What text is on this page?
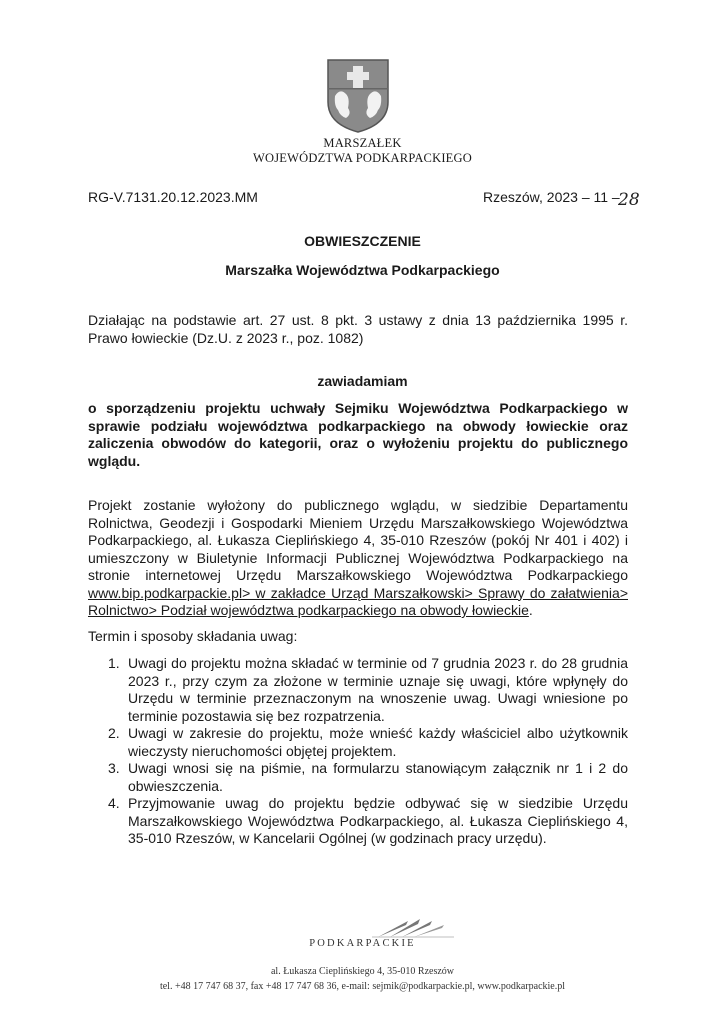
MARSZAŁEK
WOJEWÓDZTWA PODKARPACKIEGO
RG-V.7131.20.12.2023.MM	Rzeszów, 2023 – 11 –
28
OBWIESZCZENIE
Marszałka Województwa Podkarpackiego
Działając na podstawie art. 27 ust. 8 pkt. 3 ustawy z dnia 13 października 1995 r. Prawo łowieckie (Dz.U. z 2023 r., poz. 1082)
zawiadamiam
o sporządzeniu projektu uchwały Sejmiku Województwa Podkarpackiego w sprawie podziału województwa podkarpackiego na obwody łowieckie oraz zaliczenia obwodów do kategorii, oraz o wyłożeniu projektu do publicznego wglądu.
Projekt zostanie wyłożony do publicznego wglądu, w siedzibie Departamentu Rolnictwa, Geodezji i Gospodarki Mieniem Urzędu Marszałkowskiego Województwa Podkarpackiego, al. Łukasza Cieplińskiego 4, 35-010 Rzeszów (pokój Nr 401 i 402) i umieszczony w Biuletynie Informacji Publicznej Województwa Podkarpackiego na stronie internetowej Urzędu Marszałkowskiego Województwa Podkarpackiego www.bip.podkarpackie.pl> w zakładce Urząd Marszałkowski> Sprawy do załatwienia> Rolnictwo> Podział województwa podkarpackiego na obwody łowieckie.
Termin i sposoby składania uwag:
1. Uwagi do projektu można składać w terminie od 7 grudnia 2023 r. do 28 grudnia 2023 r., przy czym za złożone w terminie uznaje się uwagi, które wpłynęły do Urzędu w terminie przeznaczonym na wnoszenie uwag. Uwagi wniesione po terminie pozostawia się bez rozpatrzenia.
2. Uwagi w zakresie do projektu, może wnieść każdy właściciel albo użytkownik wieczysty nieruchomości objętej projektem.
3. Uwagi wnosi się na piśmie, na formularzu stanowiącym załącznik nr 1 i 2 do obwieszczenia.
4. Przyjmowanie uwag do projektu będzie odbywać się w siedzibie Urzędu Marszałkowskiego Województwa Podkarpackiego, al. Łukasza Cieplińskiego 4, 35-010 Rzeszów, w Kancelarii Ogólnej (w godzinach pracy urzędu).
PODKARPACKIE
al. Łukasza Cieplińskiego 4, 35-010 Rzeszów
tel. +48 17 747 68 37, fax +48 17 747 68 36, e-mail: sejmik@podkarpackie.pl, www.podkarpackie.pl
